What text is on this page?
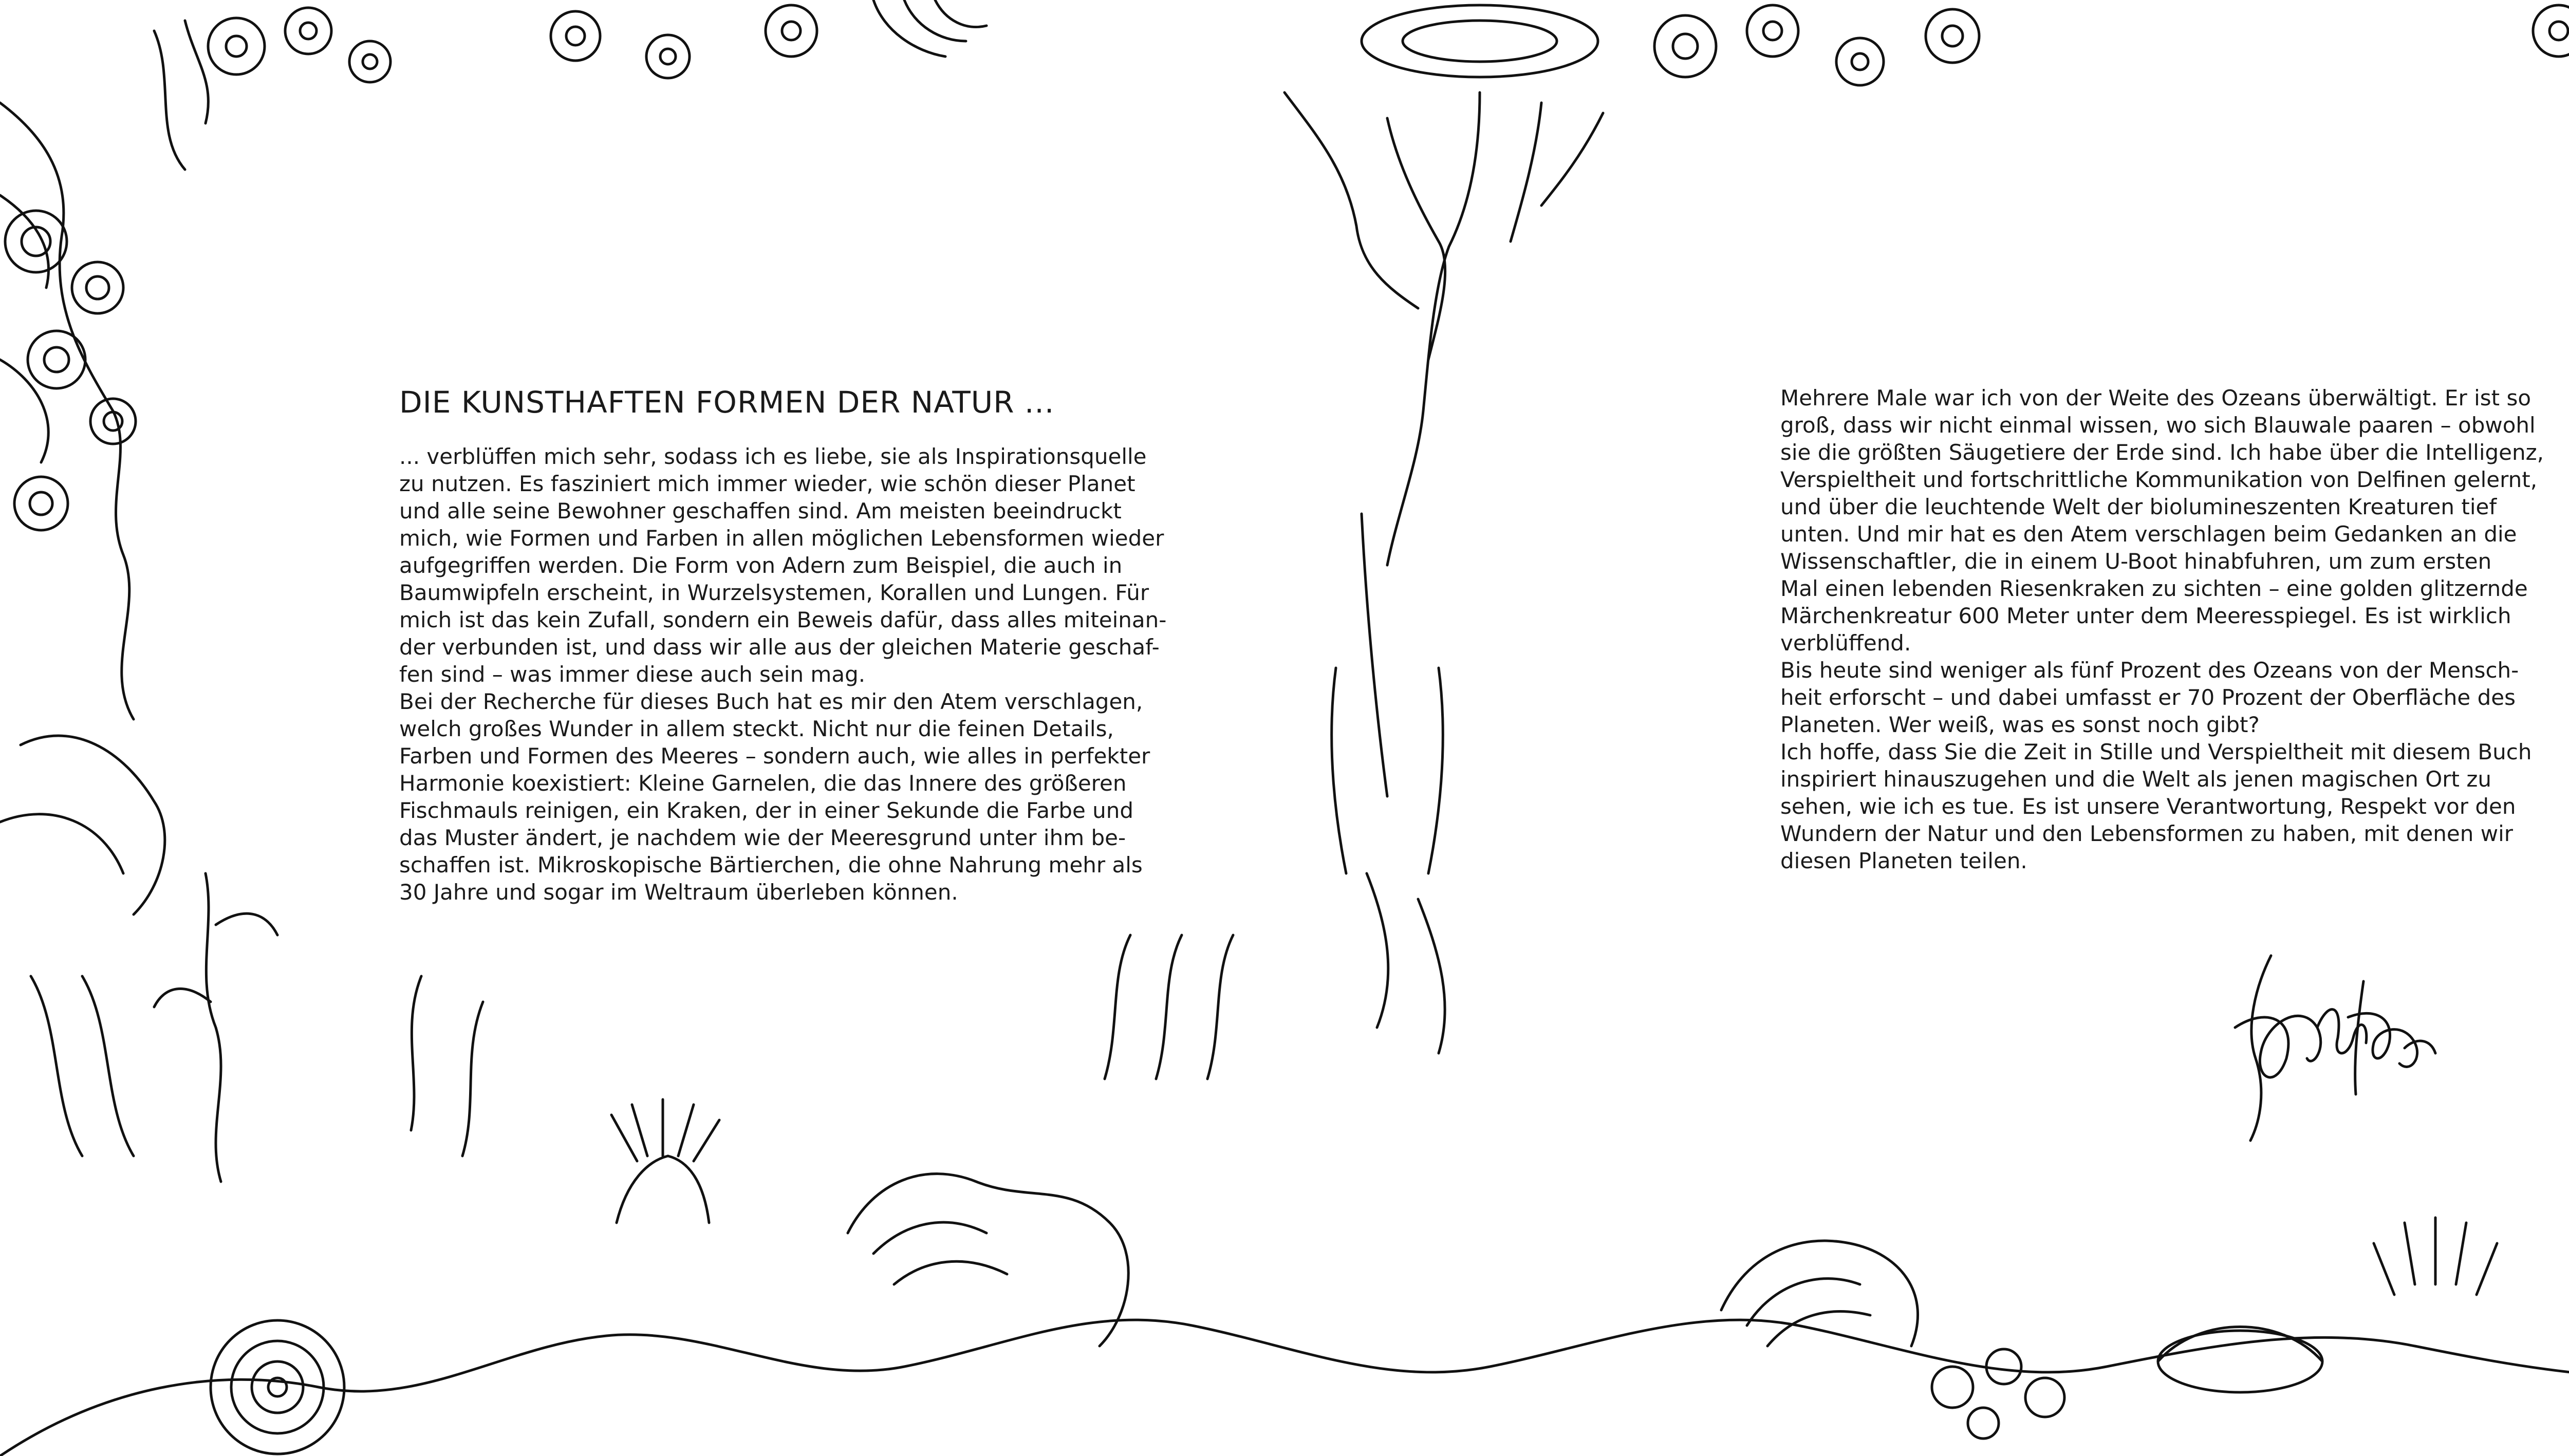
DIE KUNSTHAFTEN FORMEN DER NATUR ...
... verblüffen mich sehr, sodass ich es liebe, sie als Inspirationsquelle
zu nutzen. Es fasziniert mich immer wieder, wie schön dieser Planet
und alle seine Bewohner geschaffen sind. Am meisten beeindruckt
mich, wie Formen und Farben in allen möglichen Lebensformen wieder
aufgegriffen werden. Die Form von Adern zum Beispiel, die auch in
Baumwipfeln erscheint, in Wurzelsystemen, Korallen und Lungen. Für
mich ist das kein Zufall, sondern ein Beweis dafür, dass alles miteinan-
der verbunden ist, und dass wir alle aus der gleichen Materie geschaf-
fen sind – was immer diese auch sein mag.
Bei der Recherche für dieses Buch hat es mir den Atem verschlagen,
welch großes Wunder in allem steckt. Nicht nur die feinen Details,
Farben und Formen des Meeres – sondern auch, wie alles in perfekter
Harmonie koexistiert: Kleine Garnelen, die das Innere des größeren
Fischmauls reinigen, ein Kraken, der in einer Sekunde die Farbe und
das Muster ändert, je nachdem wie der Meeresgrund unter ihm be-
schaffen ist. Mikroskopische Bärtierchen, die ohne Nahrung mehr als
30 Jahre und sogar im Weltraum überleben können.
Mehrere Male war ich von der Weite des Ozeans überwältigt. Er ist so
groß, dass wir nicht einmal wissen, wo sich Blauwale paaren – obwohl
sie die größten Säugetiere der Erde sind. Ich habe über die Intelligenz,
Verspieltheit und fortschrittliche Kommunikation von Delfinen gelernt,
und über die leuchtende Welt der biolumineszenten Kreaturen tief
unten. Und mir hat es den Atem verschlagen beim Gedanken an die
Wissenschaftler, die in einem U-Boot hinabfuhren, um zum ersten
Mal einen lebenden Riesenkraken zu sichten – eine golden glitzernde
Märchenkreatur 600 Meter unter dem Meeresspiegel. Es ist wirklich
verblüffend.
Bis heute sind weniger als fünf Prozent des Ozeans von der Mensch-
heit erforscht – und dabei umfasst er 70 Prozent der Oberfläche des
Planeten. Wer weiß, was es sonst noch gibt?
Ich hoffe, dass Sie die Zeit in Stille und Verspieltheit mit diesem Buch
inspiriert hinauszugehen und die Welt als jenen magischen Ort zu
sehen, wie ich es tue. Es ist unsere Verantwortung, Respekt vor den
Wundern der Natur und den Lebensformen zu haben, mit denen wir
diesen Planeten teilen.
